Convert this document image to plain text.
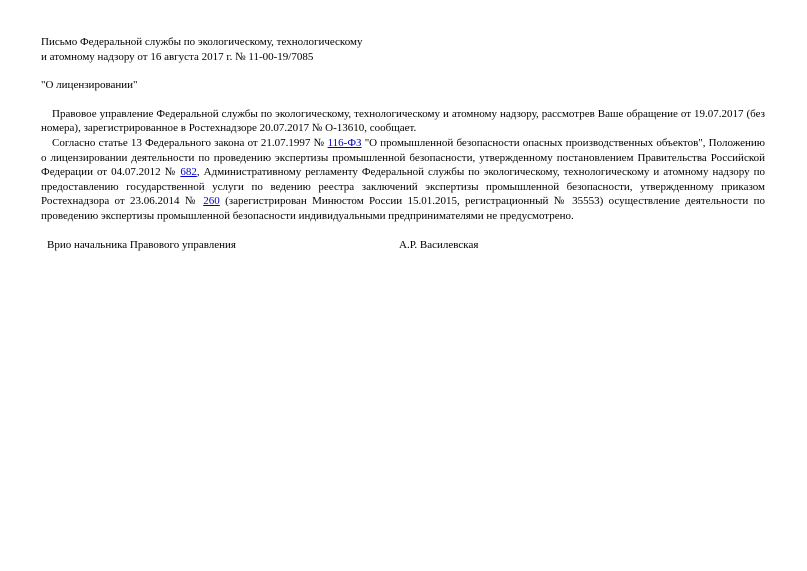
Письмо Федеральной службы по экологическому, технологическому
и атомному надзору от 16 августа 2017 г. № 11-00-19/7085
"О лицензировании"

Правовое управление Федеральной службы по экологическому, технологическому и атомному надзору, рассмотрев Ваше обращение от 19.07.2017 (без номера), зарегистрированное в Ростехнадзоре 20.07.2017 № О-13610, сообщает.

Согласно статье 13 Федерального закона от 21.07.1997 № 116-ФЗ "О промышленной безопасности опасных производственных объектов", Положению о лицензировании деятельности по проведению экспертизы промышленной безопасности, утвержденному постановлением Правительства Российской Федерации от 04.07.2012 № 682, Административному регламенту Федеральной службы по экологическому, технологическому и атомному надзору по предоставлению государственной услуги по ведению реестра заключений экспертизы промышленной безопасности, утвержденному приказом Ростехнадзора от 23.06.2014 № 260 (зарегистрирован Минюстом России 15.01.2015, регистрационный № 35553) осуществление деятельности по проведению экспертизы промышленной безопасности индивидуальными предпринимателями не предусмотрено.

Врио начальника Правового управления	А.Р. Василевская
